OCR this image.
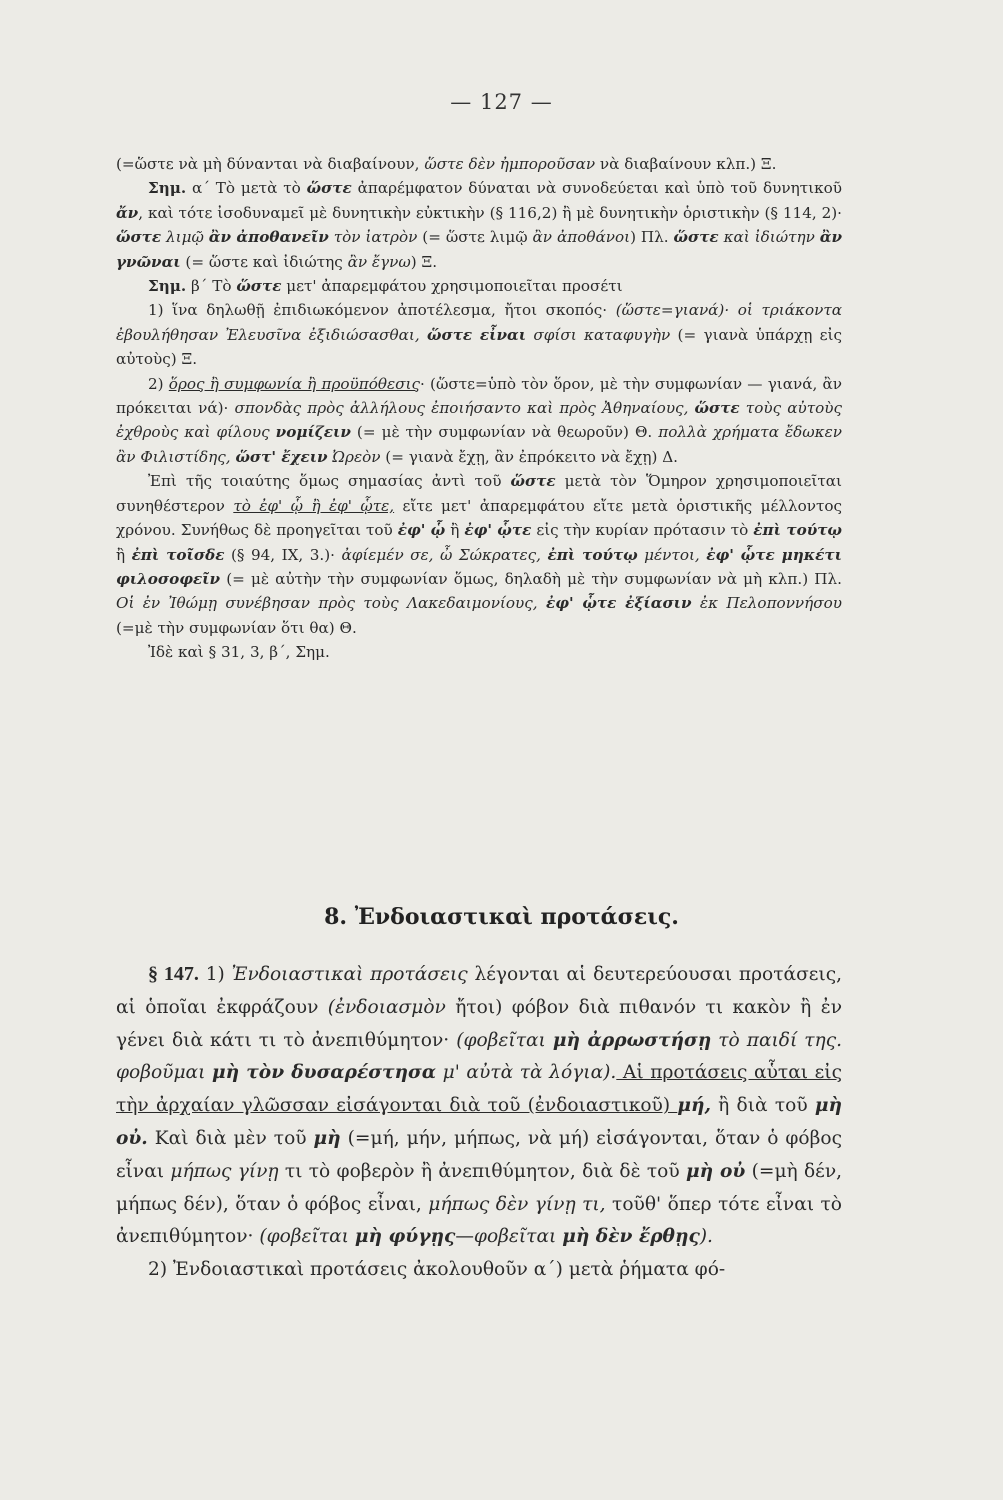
— 127 —

(=ὥστε νὰ μὴ δύνανται νὰ διαβαίνουν, ὥστε δὲν ἠμποροῦσαν νὰ διαβαίνουν κλπ.) Ξ.

Σημ. α΄ Τὸ μετὰ τὸ ὥστε ἀπαρέμφατον δύναται νὰ συνοδεύεται καὶ ὑπὸ τοῦ δυνητικοῦ ἄν, καὶ τότε ἰσοδυναμεῖ μὲ δυνητικὴν εὐκτικὴν (§ 116,2) ἢ μὲ δυνητικὴν ὁριστικὴν (§ 114, 2)· ὥστε λιμῷ ἂν ἀποθανεῖν τὸν ἰατρὸν (= ὥστε λιμῷ ἂν ἀποθάνοι) Πλ. ὥστε καὶ ἰδιώτην ἂν γνῶναι (= ὥστε καὶ ἰδιώτης ἂν ἔγνω) Ξ.

Σημ. β΄ Τὸ ὥστε μετ' ἀπαρεμφάτου χρησιμοποιεῖται προσέτι

1) ἵνα δηλωθῇ ἐπιδιωκόμενον ἀποτέλεσμα, ἤτοι σκοπός· (ὥστε=γιανά)· οἱ τριάκοντα ἐβουλήθησαν Ἐλευσῖνα ἐξιδιώσασθαι, ὥστε εἶναι σφίσι καταφυγὴν (= γιανὰ ὑπάρχῃ εἰς αὐτοὺς) Ξ.

2) ὅρος ἢ συμφωνία ἢ προϋπόθεσις· (ὥστε=ὑπὸ τὸν ὅρον, μὲ τὴν συμφωνίαν — γιανά, ἂν πρόκειται νά)· σπονδὰς πρὸς ἀλλήλους ἐποιήσαντο καὶ πρὸς Ἀθηναίους, ὥστε τοὺς αὐτοὺς ἐχθροὺς καὶ φίλους νομίζειν (= μὲ τὴν συμφωνίαν νὰ θεωροῦν) Θ. πολλὰ χρήματα ἔδωκεν ἂν Φιλιστίδης, ὥστ' ἔχειν Ὠρεὸν (= γιανὰ ἔχῃ, ἂν ἐπρόκειτο νὰ ἔχῃ) Δ.

Ἐπὶ τῆς τοιαύτης ὅμως σημασίας ἀντὶ τοῦ ὥστε μετὰ τὸν Ὅμηρον χρησιμοποιεῖται συνηθέστερον τὸ ἐφ' ᾧ ἢ ἐφ' ᾧτε, εἴτε μετ' ἀπαρεμφάτου εἴτε μετὰ ὁριστικῆς μέλλοντος χρόνου. Συνήθως δὲ προηγεῖται τοῦ ἐφ' ᾧ ἢ ἐφ' ᾧτε εἰς τὴν κυρίαν πρότασιν τὸ ἐπὶ τούτῳ ἢ ἐπὶ τοῖσδε (§ 94, IX, 3.)· ἀφίεμέν σε, ὦ Σώκρατες, ἐπὶ τούτῳ μέντοι, ἐφ' ᾧτε μηκέτι φιλοσοφεῖν (= μὲ αὐτὴν τὴν συμφωνίαν ὅμως, δηλαδὴ μὲ τὴν συμφωνίαν νὰ μὴ κλπ.) Πλ. Οἱ ἐν Ἰθώμῃ συνέβησαν πρὸς τοὺς Λακεδαιμονίους, ἐφ' ᾧτε ἐξίασιν ἐκ Πελοποννήσου (=μὲ τὴν συμφωνίαν ὅτι θα) Θ.

Ἰδὲ καὶ § 31, 3, β΄, Σημ.

8. Ἐνδοιαστικαὶ προτάσεις.

§ 147. 1) Ἐνδοιαστικαὶ προτάσεις λέγονται αἱ δευτερεύουσαι προτάσεις, αἱ ὁποῖαι ἐκφράζουν (ἐνδοιασμὸν ἤτοι) φόβον διὰ πιθανόν τι κακὸν ἢ ἐν γένει διὰ κάτι τι τὸ ἀνεπιθύμητον· (φοβεῖται μὴ ἀρρωστήσῃ τὸ παιδί της. φοβοῦμαι μὴ τὸν δυσαρέστησα μ' αὐτὰ τὰ λόγια). Αἱ προτάσεις αὗται εἰς τὴν ἀρχαίαν γλῶσσαν εἰσάγονται διὰ τοῦ (ἐνδοιαστικοῦ) μή, ἢ διὰ τοῦ μὴ οὐ. Καὶ διὰ μὲν τοῦ μὴ (=μή, μήν, μήπως, νὰ μή) εἰσάγονται, ὅταν ὁ φόβος εἶναι μήπως γίνῃ τι τὸ φοβερὸν ἢ ἀνεπιθύμητον, διὰ δὲ τοῦ μὴ οὐ (=μὴ δέν, μήπως δέν), ὅταν ὁ φόβος εἶναι, μήπως δὲν γίνῃ τι, τοῦθ' ὅπερ τότε εἶναι τὸ ἀνεπιθύμητον· (φοβεῖται μὴ φύγῃς—φοβεῖται μὴ δὲν ἔρθῃς).

2) Ἐνδοιαστικαὶ προτάσεις ἀκολουθοῦν α΄) μετὰ ῥήματα φό-
